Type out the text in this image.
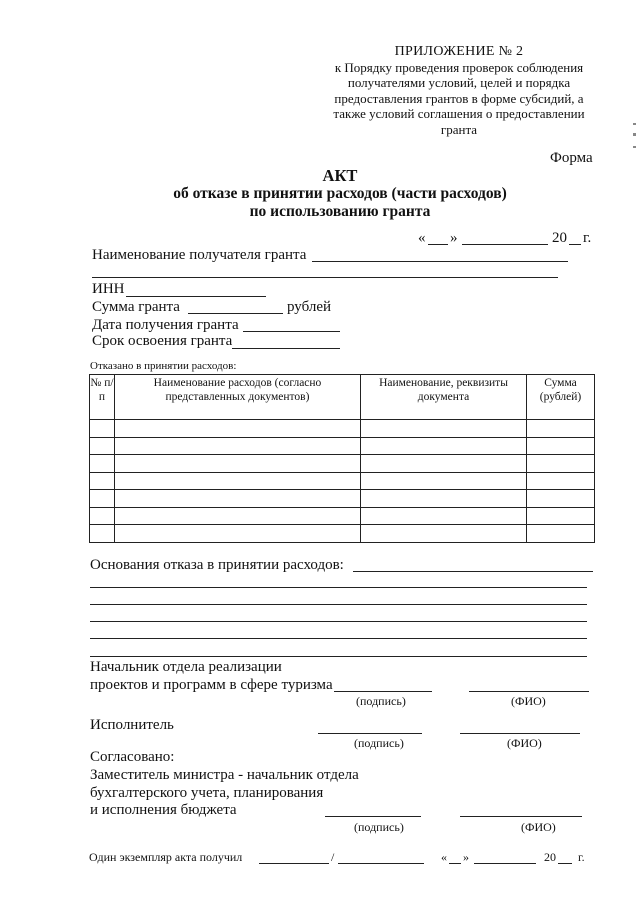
ПРИЛОЖЕНИЕ № 2
к Порядку проведения проверок соблюдения
получателями условий, целей и порядка
предоставления грантов в форме субсидий, а
также условий соглашения о предоставлении
гранта
Форма
АКТ
об отказе в принятии расходов (части расходов)
по использованию гранта
« »	20 г.
Наименование получателя гранта
ИНН
Сумма гранта	рублей
Дата получения гранта
Срок освоения гранта
Отказано в принятии расходов:
№ п/ п	Наименование расходов (согласно представленных документов)	Наименование, реквизиты документа	Сумма (рублей)

Основания отказа в принятии расходов:
Начальник отдела реализации
проектов и программ в сфере туризма
(подпись)	(ФИО)
Исполнитель
(подпись)	(ФИО)
Согласовано:
Заместитель министра - начальник отдела
бухгалтерского учета, планирования
и исполнения бюджета
(подпись)	(ФИО)
Один экземпляр акта получил	/	« »	20 г.
